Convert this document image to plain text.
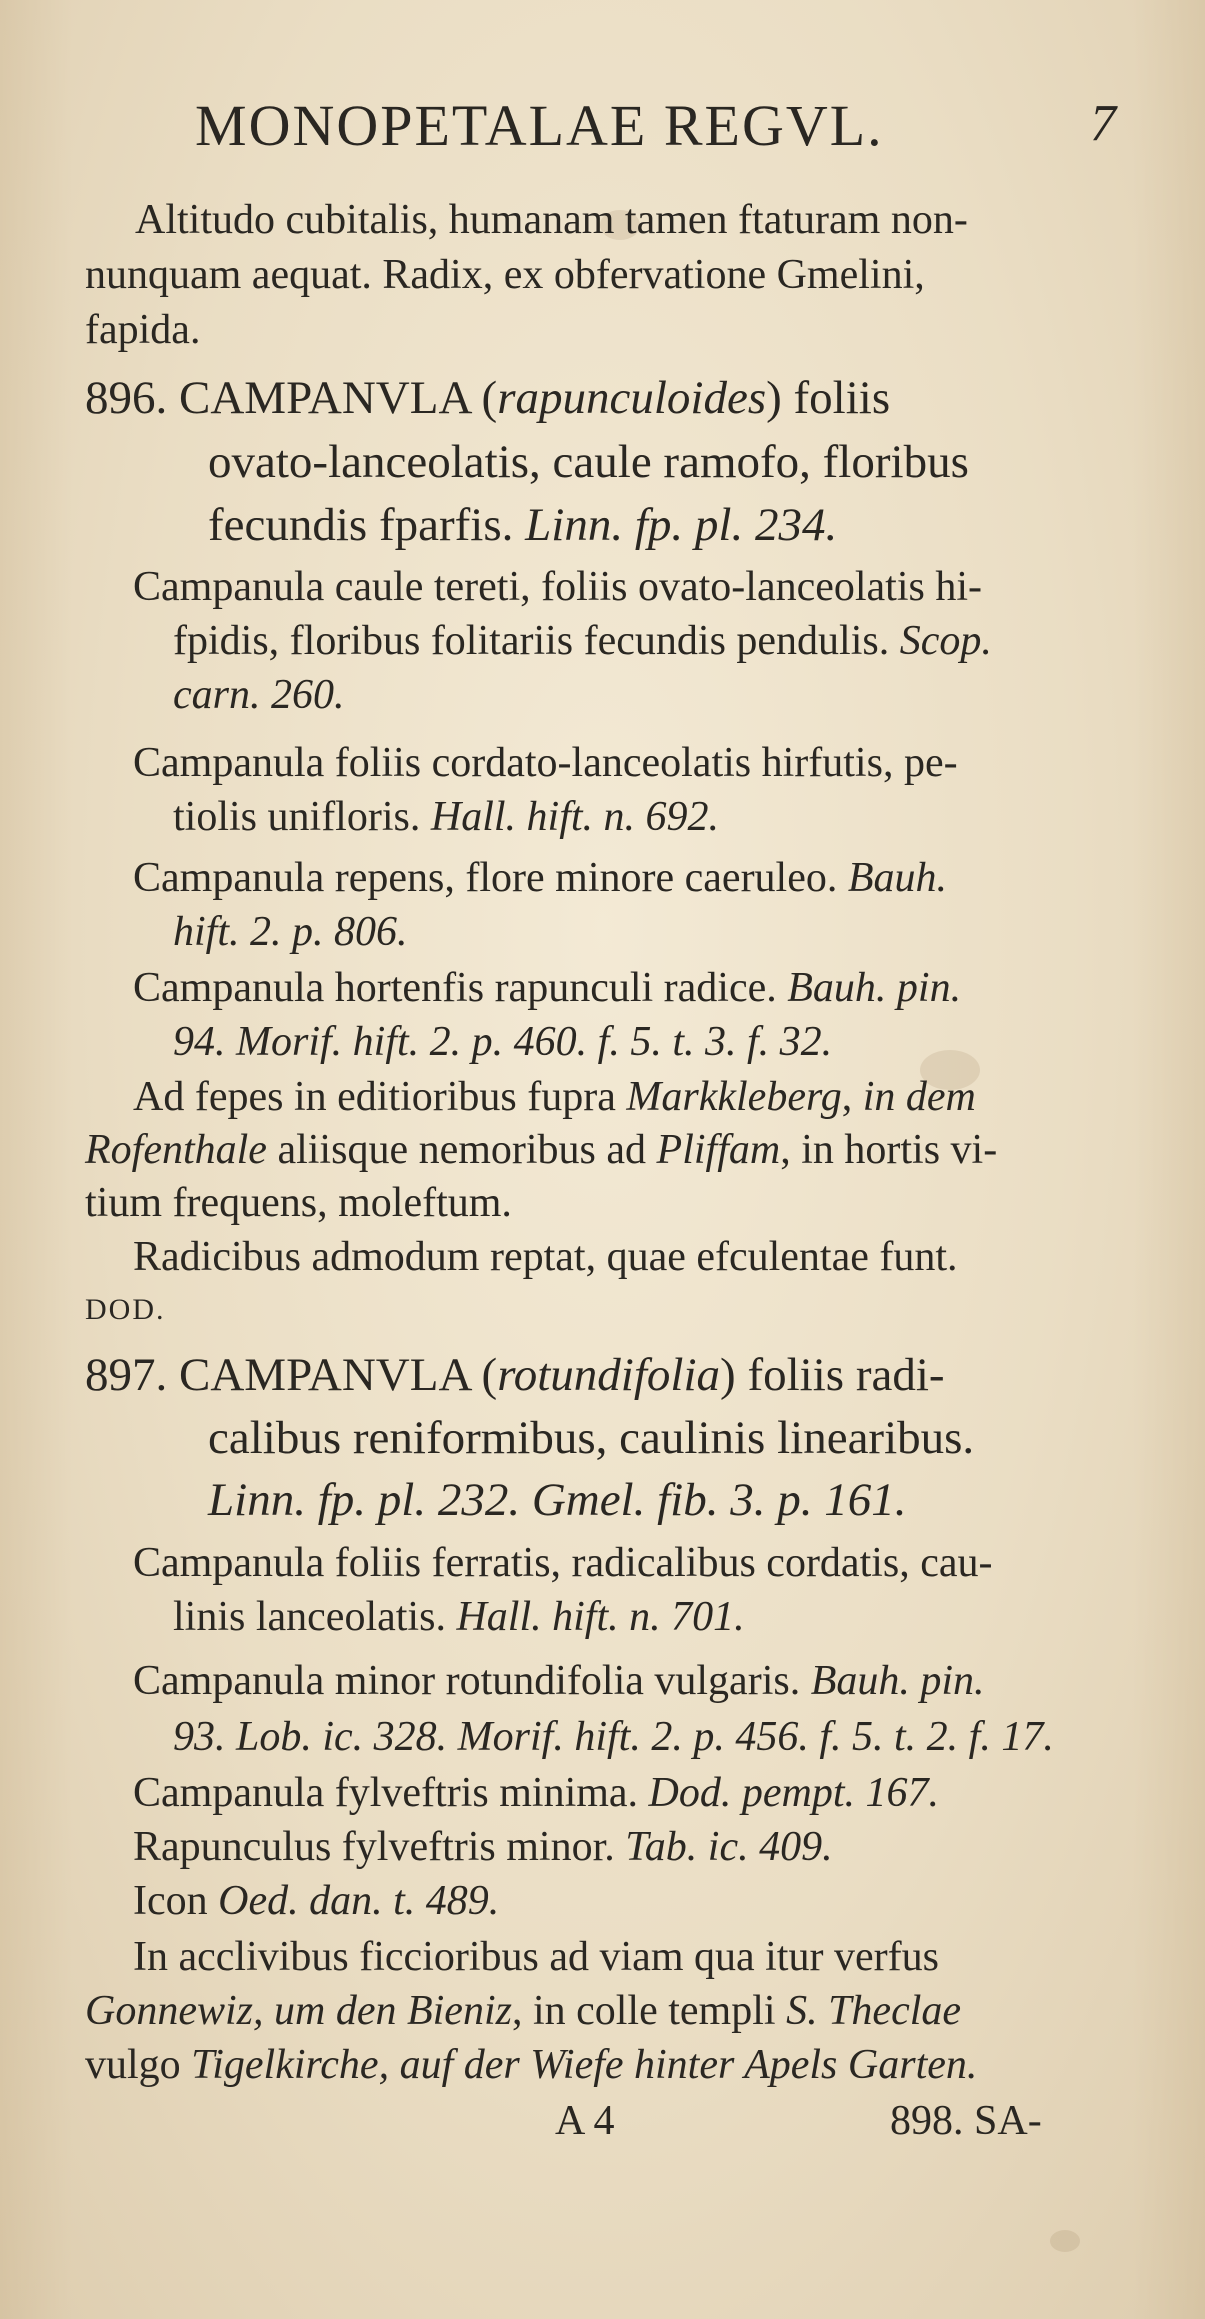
MONOPETALAE REGVL.	7
Altitudo cubitalis, humanam tamen ftaturam non-
nunquam aequat. Radix, ex obfervatione Gmelini,
fapida.
896. CAMPANVLA (rapunculoides) foliis
ovato-lanceolatis, caule ramofo, floribus
fecundis fparfis. Linn. fp. pl. 234.
Campanula caule tereti, foliis ovato-lanceolatis hi-
fpidis, floribus folitariis fecundis pendulis. Scop.
carn. 260.
Campanula foliis cordato-lanceolatis hirfutis, pe-
tiolis unifloris. Hall. hift. n. 692.
Campanula repens, flore minore caeruleo. Bauh.
hift. 2. p. 806.
Campanula hortenfis rapunculi radice. Bauh. pin.
94. Morif. hift. 2. p. 460. f. 5. t. 3. f. 32.
Ad fepes in editioribus fupra Markkleberg, in dem
Rofenthale aliisque nemoribus ad Pliffam, in hortis vi-
tium frequens, moleftum.
Radicibus admodum reptat, quae efculentae funt.
DOD.
897. CAMPANVLA (rotundifolia) foliis radi-
calibus reniformibus, caulinis linearibus.
Linn. fp. pl. 232. Gmel. fib. 3. p. 161.
Campanula foliis ferratis, radicalibus cordatis, cau-
linis lanceolatis. Hall. hift. n. 701.
Campanula minor rotundifolia vulgaris. Bauh. pin.
93. Lob. ic. 328. Morif. hift. 2. p. 456. f. 5. t. 2. f. 17.
Campanula fylveftris minima. Dod. pempt. 167.
Rapunculus fylveftris minor. Tab. ic. 409.
Icon Oed. dan. t. 489.
In acclivibus ficcioribus ad viam qua itur verfus
Gonnewiz, um den Bieniz, in colle templi S. Theclae
vulgo Tigelkirche, auf der Wiefe hinter Apels Garten.
A 4	898. SA-
